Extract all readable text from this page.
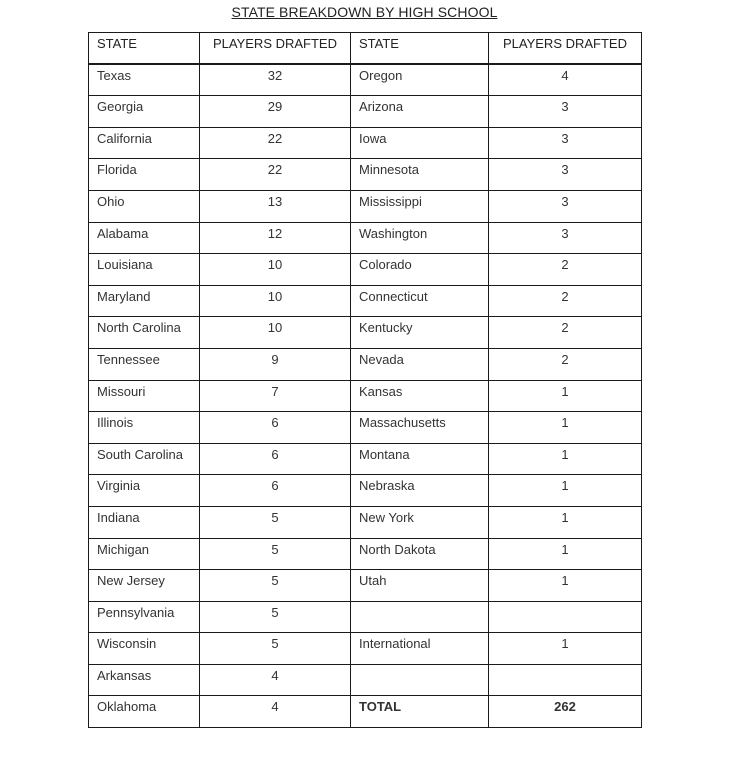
STATE BREAKDOWN BY HIGH SCHOOL
STATE	PLAYERS DRAFTED	STATE	PLAYERS DRAFTED
Texas	32	Oregon	4
Georgia	29	Arizona	3
California	22	Iowa	3
Florida	22	Minnesota	3
Ohio	13	Mississippi	3
Alabama	12	Washington	3
Louisiana	10	Colorado	2
Maryland	10	Connecticut	2
North Carolina	10	Kentucky	2
Tennessee	9	Nevada	2
Missouri	7	Kansas	1
Illinois	6	Massachusetts	1
South Carolina	6	Montana	1
Virginia	6	Nebraska	1
Indiana	5	New York	1
Michigan	5	North Dakota	1
New Jersey	5	Utah	1
Pennsylvania	5		
Wisconsin	5	International	1
Arkansas	4		
Oklahoma	4	TOTAL	262
